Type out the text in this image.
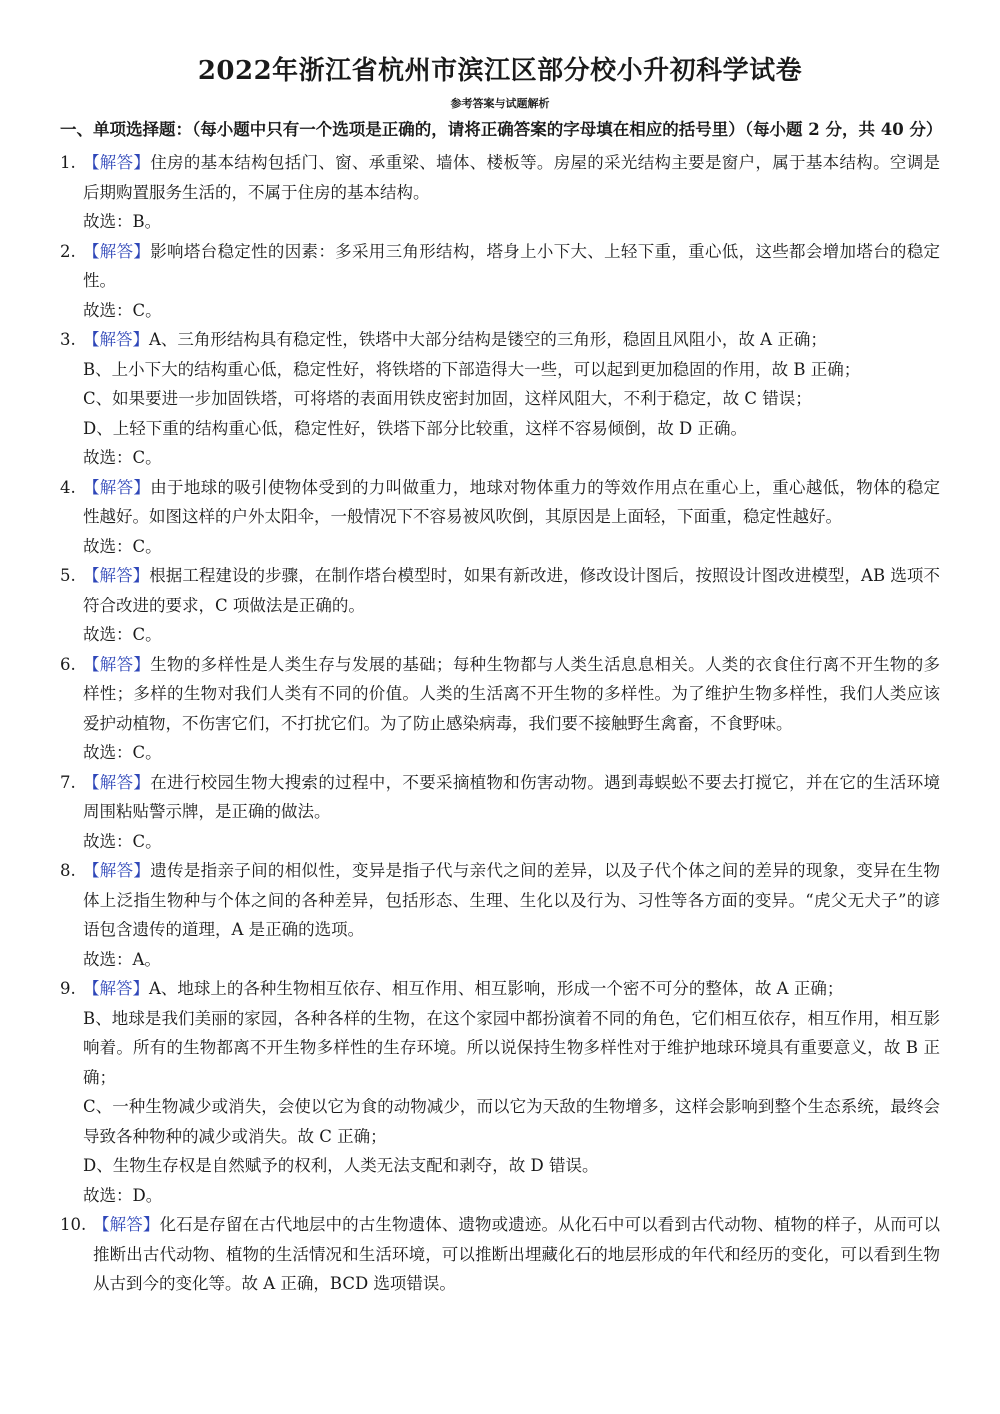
2022年浙江省杭州市滨江区部分校小升初科学试卷
参考答案与试题解析
一、单项选择题：（每小题中只有一个选项是正确的，请将正确答案的字母填在相应的括号里）（每小题 2 分，共 40 分）
1. 【解答】住房的基本结构包括门、窗、承重梁、墙体、楼板等。房屋的采光结构主要是窗户，属于基本结构。空调是后期购置服务生活的，不属于住房的基本结构。

故选：B。

2. 【解答】影响塔台稳定性的因素：多采用三角形结构，塔身上小下大、上轻下重，重心低，这些都会增加塔台的稳定性。

故选：C。

3. 【解答】A、三角形结构具有稳定性，铁塔中大部分结构是镂空的三角形，稳固且风阻小，故 A 正确；

B、上小下大的结构重心低，稳定性好，将铁塔的下部造得大一些，可以起到更加稳固的作用，故 B 正确；

C、如果要进一步加固铁塔，可将塔的表面用铁皮密封加固，这样风阻大，不利于稳定，故 C 错误；

D、上轻下重的结构重心低，稳定性好，铁塔下部分比较重，这样不容易倾倒，故 D 正确。

故选：C。

4. 【解答】由于地球的吸引使物体受到的力叫做重力，地球对物体重力的等效作用点在重心上，重心越低，物体的稳定性越好。如图这样的户外太阳伞，一般情况下不容易被风吹倒，其原因是上面轻，下面重，稳定性越好。

故选：C。

5. 【解答】根据工程建设的步骤，在制作塔台模型时，如果有新改进，修改设计图后，按照设计图改进模型，AB 选项不符合改进的要求，C 项做法是正确的。

故选：C。

6. 【解答】生物的多样性是人类生存与发展的基础；每种生物都与人类生活息息相关。人类的衣食住行离不开生物的多样性；多样的生物对我们人类有不同的价值。人类的生活离不开生物的多样性。为了维护生物多样性，我们人类应该爱护动植物，不伤害它们，不打扰它们。为了防止感染病毒，我们要不接触野生禽畜，不食野味。

故选：C。

7. 【解答】在进行校园生物大搜索的过程中，不要采摘植物和伤害动物。遇到毒蜈蚣不要去打搅它，并在它的生活环境周围粘贴警示牌，是正确的做法。

故选：C。

8. 【解答】遗传是指亲子间的相似性，变异是指子代与亲代之间的差异，以及子代个体之间的差异的现象，变异在生物体上泛指生物种与个体之间的各种差异，包括形态、生理、生化以及行为、习性等各方面的变异。“虎父无犬子”的谚语包含遗传的道理，A 是正确的选项。

故选：A。

9. 【解答】A、地球上的各种生物相互依存、相互作用、相互影响，形成一个密不可分的整体，故 A 正确；

B、地球是我们美丽的家园，各种各样的生物，在这个家园中都扮演着不同的角色，它们相互依存，相互作用，相互影响着。所有的生物都离不开生物多样性的生存环境。所以说保持生物多样性对于维护地球环境具有重要意义，故 B 正确；

C、一种生物减少或消失，会使以它为食的动物减少，而以它为天敌的生物增多，这样会影响到整个生态系统，最终会导致各种物种的减少或消失。故 C 正确；

D、生物生存权是自然赋予的权利，人类无法支配和剥夺，故 D 错误。

故选：D。

10. 【解答】化石是存留在古代地层中的古生物遗体、遗物或遗迹。从化石中可以看到古代动物、植物的样子，从而可以推断出古代动物、植物的生活情况和生活环境，可以推断出埋藏化石的地层形成的年代和经历的变化，可以看到生物从古到今的变化等。故 A 正确，BCD 选项错误。
